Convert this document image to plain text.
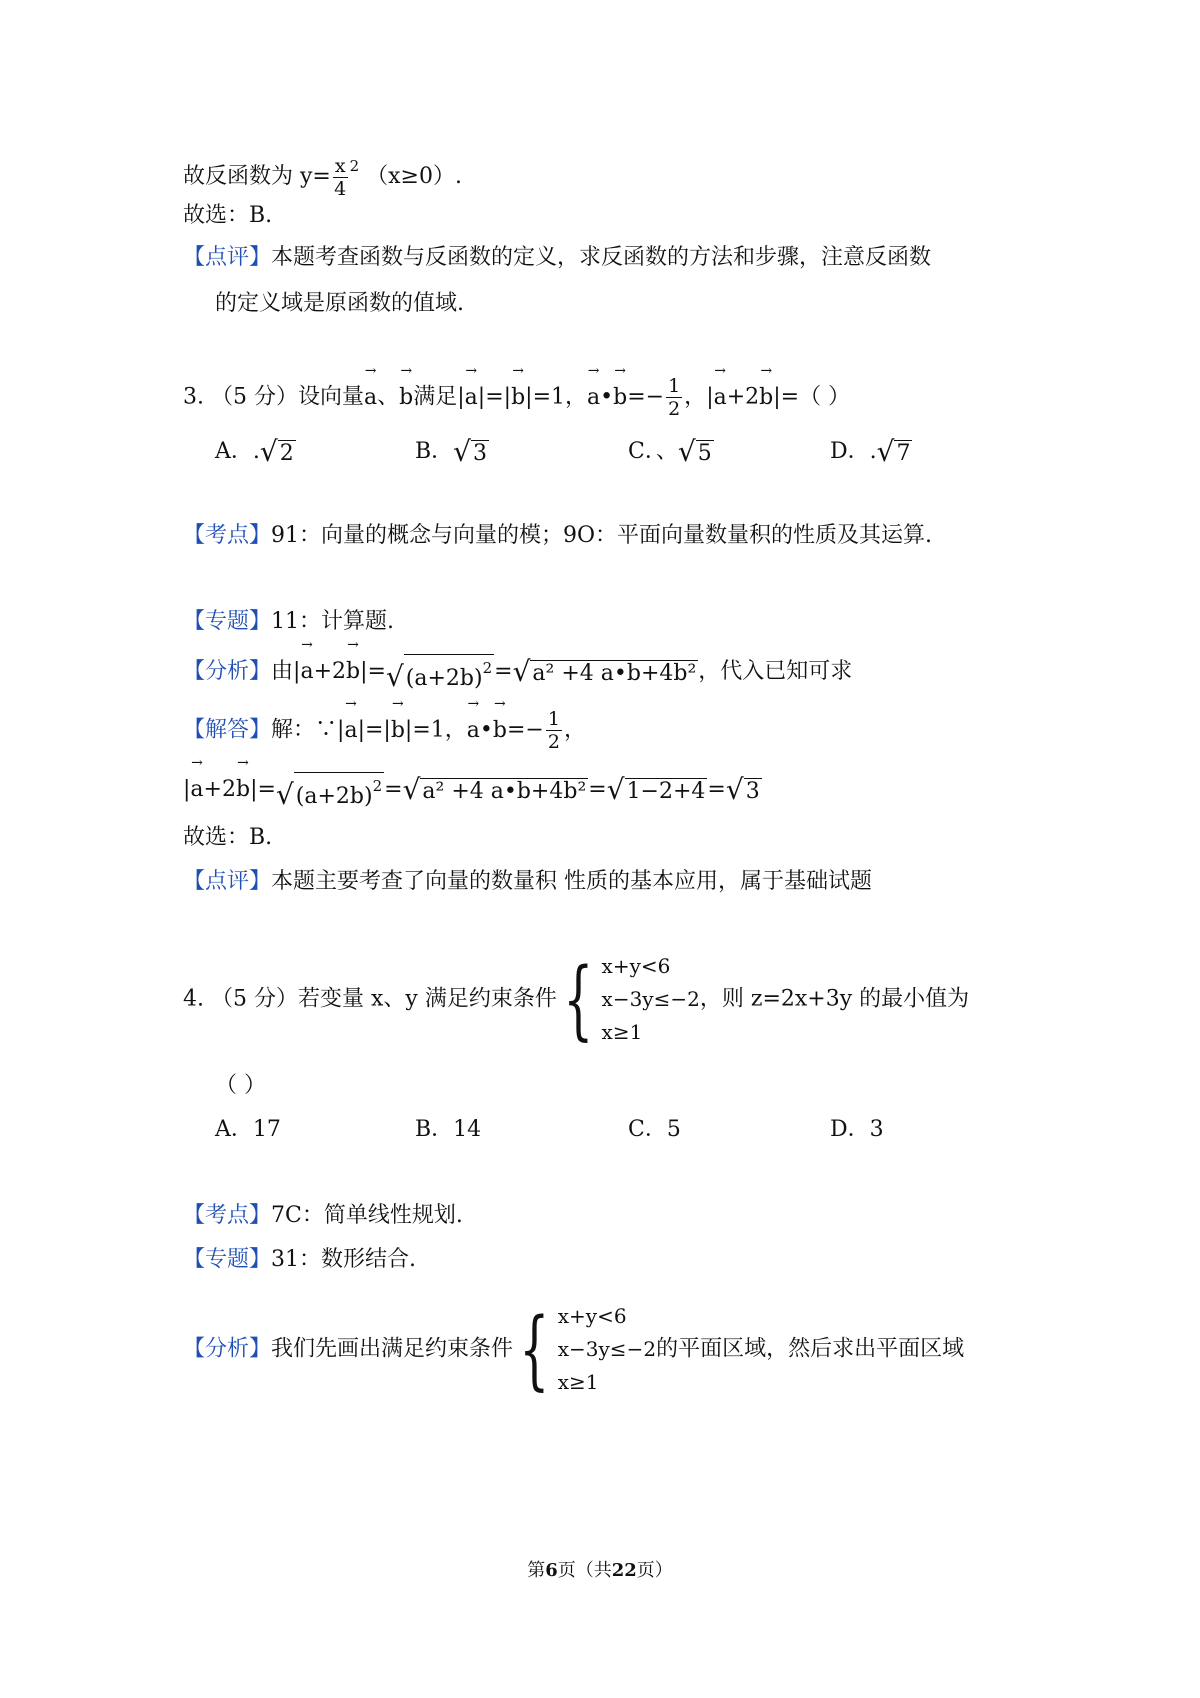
故反函数为 $y= \frac{x}{4} ^2$ （x≥0）.
故选：B.
【点评】本题考查函数与反函数的定义，求反函数的方法和步骤，注意反函数
的定义域是原函数的值域.
3. （5 分）设向量→ a、→ b满足|→ a|=|→ b|=1，→ a•→ $b=- \frac{1}{2}$ ，|→ a+2→ b|=（ ）
A．. √ 2	B． √ 3	C．、 √ 5	D．. √ 7
【考点】91：向量的概念与向量的模；9O：平面向量数量积的性质及其运算.
【专题】11：计算题.
【分析】由|→ a+2→ b|= √ $(a+2b)^2$ = √ a² +4 a•b+4b² ，代入已知可求
【解答】解：∵|→ a|=|→ b|=1，→ a•→ $b=- \frac{1}{2}$ ，
|→ a+2→ b|= √ $(a+2b)^2$ = √ a² +4 a•b+4b² = √ 1−2+4 = √ 3
故选：B.
【点评】本题主要考查了向量的数量积 性质的基本应用，属于基础试题
4. （5 分）若变量 x、y 满足约束条件 { x+y<6
x−3y≤−2
x≥1
，则 z=2x+3y 的最小值为
（ ）
A．17	B．14	C．5	D．3
【考点】7C：简单线性规划.
【专题】31：数形结合.
【分析】我们先画出满足约束条件 { x+y<6
x−3y≤−2
x≥1
的平面区域，然后求出平面区域
第6页（共22页）
